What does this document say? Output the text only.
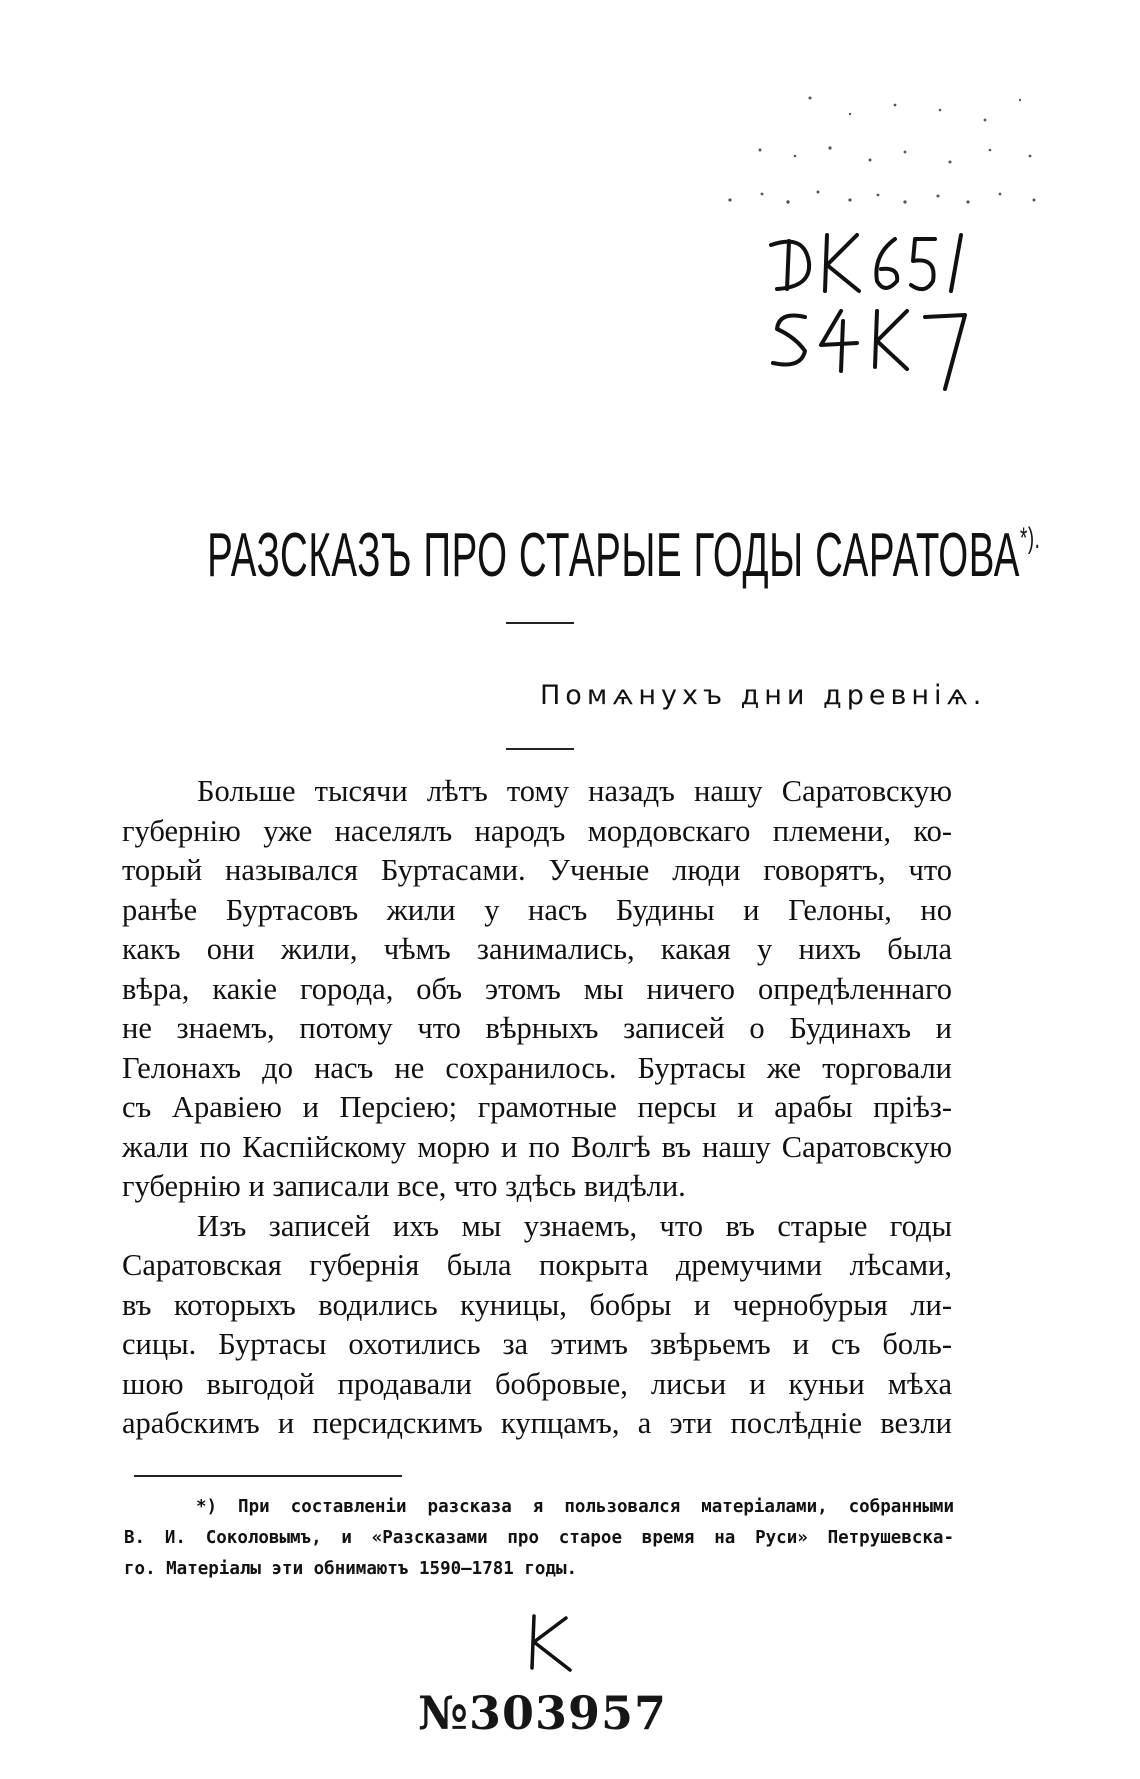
РАЗСКАЗЪ ПРО СТАРЫЕ ГОДЫ САРАТОВА*).
Помѧнухъ дни древнiѧ.
Больше тысячи лѣтъ тому назадъ нашу Саратовскую
губернiю уже населялъ народъ мордовскаго племени, ко-
торый назывался Буртасами. Ученые люди говорятъ, что
ранѣе Буртасовъ жили у насъ Будины и Гелоны, но
какъ они жили, чѣмъ занимались, какая у нихъ была
вѣра, какiе города, объ этомъ мы ничего опредѣленнаго
не знаемъ, потому что вѣрныхъ записей о Будинахъ и
Гелонахъ до насъ не сохранилось. Буртасы же торговали
съ Аравiею и Персiею; грамотные персы и арабы прiѣз-
жали по Каспiйскому морю и по Волгѣ въ нашу Саратовскую
губернiю и записали все, что здѣсь видѣли.
Изъ записей ихъ мы узнаемъ, что въ старые годы
Саратовская губернiя была покрыта дремучими лѣсами,
въ которыхъ водились куницы, бобры и чернобурыя ли-
сицы. Буртасы охотились за этимъ звѣрьемъ и съ боль-
шою выгодой продавали бобровые, лисьи и куньи мѣха
арабскимъ и персидскимъ купцамъ, а эти послѣднiе везли
*) При составленiи разсказа я пользовался матерiалами, собранными
В. И. Соколовымъ, и «Разсказами про старое время на Руси» Петрушевска-
го. Матерiалы эти обнимаютъ 1590—1781 годы.
№303957
